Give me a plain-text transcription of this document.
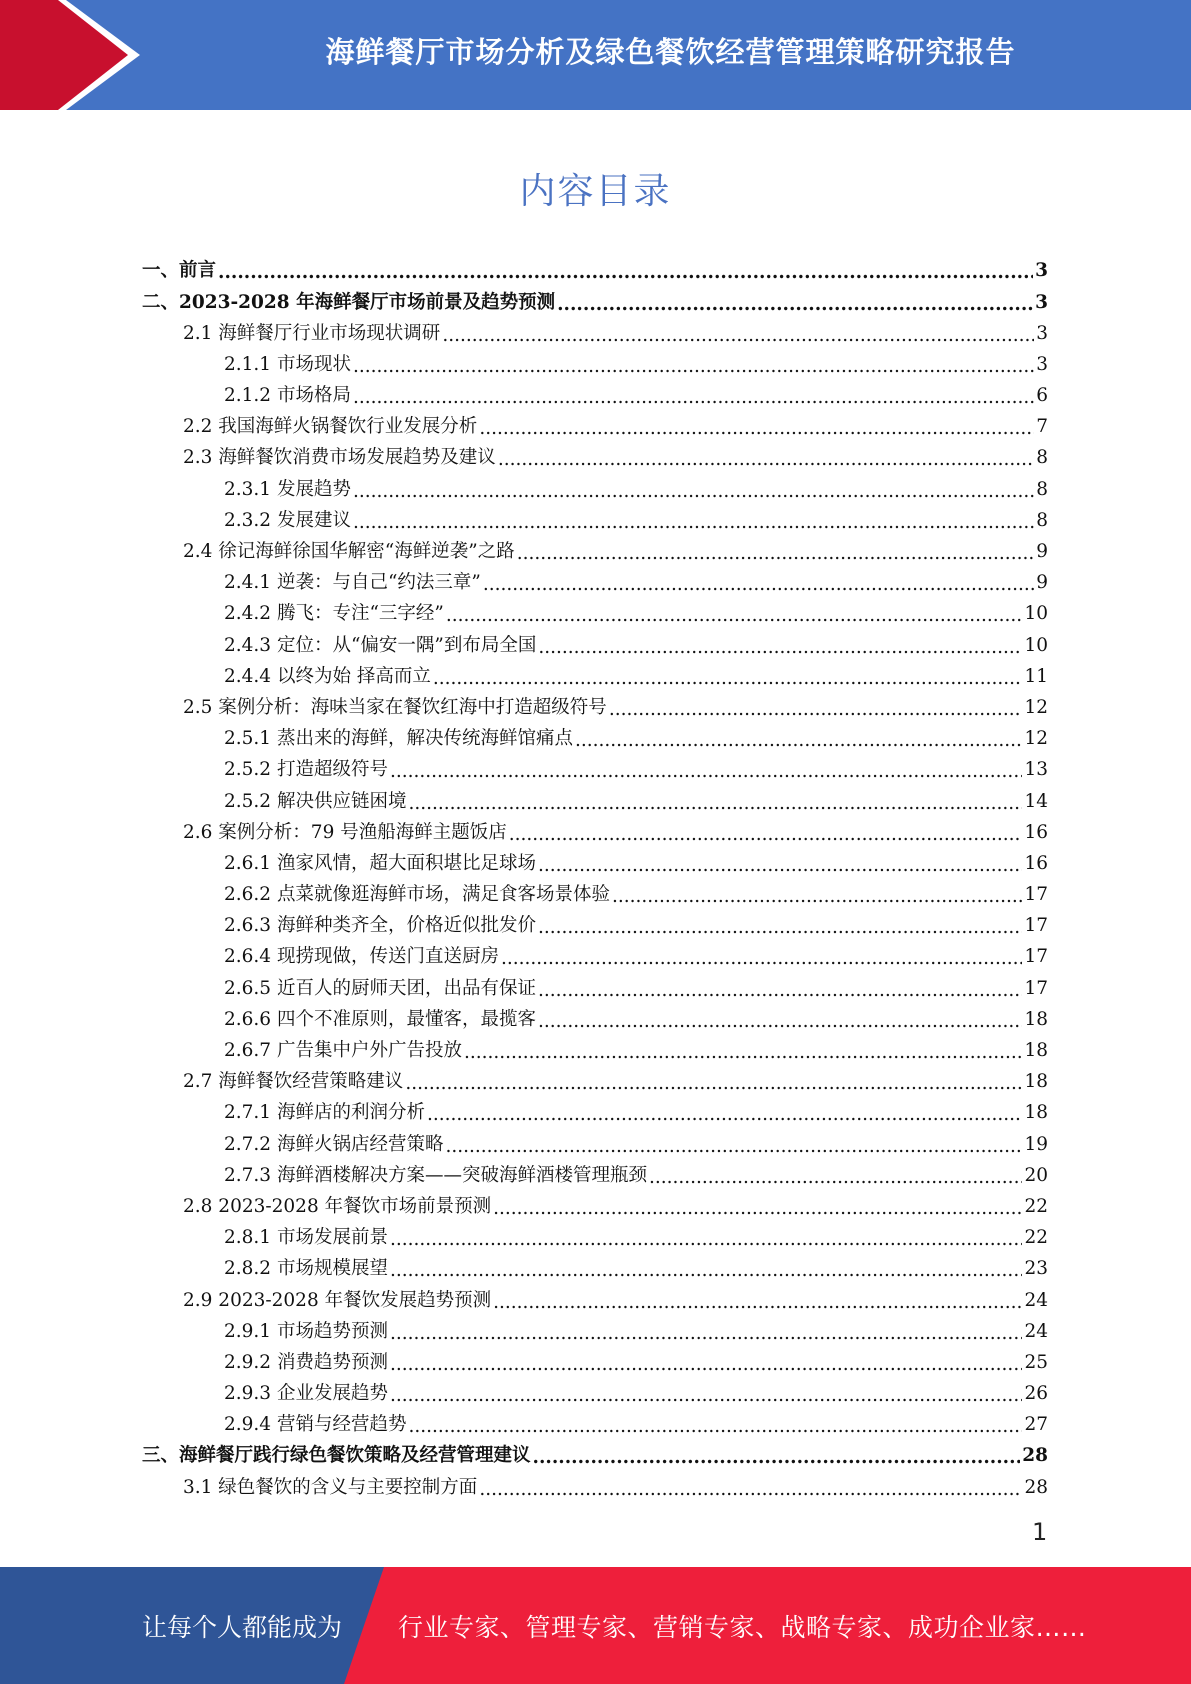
海鲜餐厅市场分析及绿色餐饮经营管理策略研究报告
内容目录
一、前言 .....	3
二、2023-2028 年海鲜餐厅市场前景及趋势预测 .....	3
2.1 海鲜餐厅行业市场现状调研 .....	3
2.1.1 市场现状 .....	3
2.1.2 市场格局 .....	6
2.2 我国海鲜火锅餐饮行业发展分析 .....	7
2.3 海鲜餐饮消费市场发展趋势及建议 .....	8
2.3.1 发展趋势 .....	8
2.3.2 发展建议 .....	8
2.4 徐记海鲜徐国华解密“海鲜逆袭”之路 .....	9
2.4.1 逆袭：与自己“约法三章” .....	9
2.4.2 腾飞：专注“三字经” .....	10
2.4.3 定位：从“偏安一隅”到布局全国 .....	10
2.4.4 以终为始 择高而立 .....	11
2.5 案例分析：海味当家在餐饮红海中打造超级符号 .....	12
2.5.1 蒸出来的海鲜，解决传统海鲜馆痛点 .....	12
2.5.2 打造超级符号 .....	13
2.5.2 解决供应链困境 .....	14
2.6 案例分析：79 号渔船海鲜主题饭店 .....	16
2.6.1 渔家风情，超大面积堪比足球场 .....	16
2.6.2 点菜就像逛海鲜市场，满足食客场景体验 .....	17
2.6.3 海鲜种类齐全，价格近似批发价 .....	17
2.6.4 现捞现做，传送门直送厨房 .....	17
2.6.5 近百人的厨师天团，出品有保证 .....	17
2.6.6 四个不准原则，最懂客，最揽客 .....	18
2.6.7 广告集中户外广告投放 .....	18
2.7 海鲜餐饮经营策略建议 .....	18
2.7.1 海鲜店的利润分析 .....	18
2.7.2 海鲜火锅店经营策略 .....	19
2.7.3 海鲜酒楼解决方案——突破海鲜酒楼管理瓶颈 .....	20
2.8 2023-2028 年餐饮市场前景预测 .....	22
2.8.1 市场发展前景 .....	22
2.8.2 市场规模展望 .....	23
2.9 2023-2028 年餐饮发展趋势预测 .....	24
2.9.1 市场趋势预测 .....	24
2.9.2 消费趋势预测 .....	25
2.9.3 企业发展趋势 .....	26
2.9.4 营销与经营趋势 .....	27
三、海鲜餐厅践行绿色餐饮策略及经营管理建议 .....	28
3.1 绿色餐饮的含义与主要控制方面 .....	28
1
让每个人都能成为 行业专家、管理专家、营销专家、战略专家、成功企业家……
